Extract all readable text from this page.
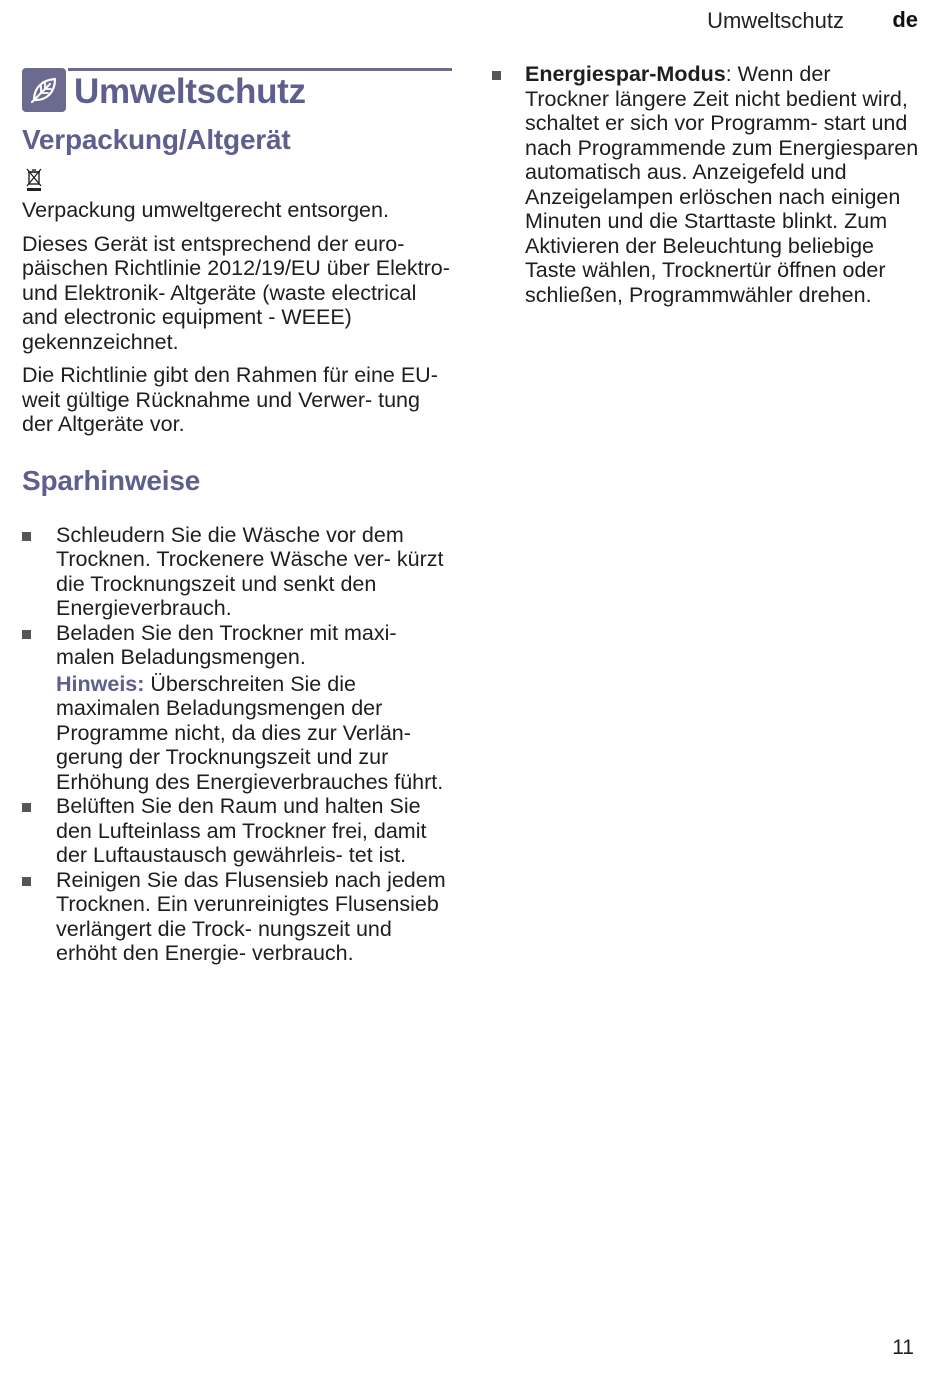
Umweltschutz de
Umweltschutz
Verpackung/Altgerät

Verpackung umweltgerecht entsorgen.

Dieses Gerät ist entsprechend der euro- päischen Richtlinie 2012/19/EU über Elektro- und Elektronik- Altgeräte (waste electrical and electronic equipment - WEEE) gekennzeichnet.

Die Richtlinie gibt den Rahmen für eine EU-weit gültige Rücknahme und Verwer- tung der Altgeräte vor.

Sparhinweise
Schleudern Sie die Wäsche vor dem Trocknen. Trockenere Wäsche ver- kürzt die Trocknungszeit und senkt den Energieverbrauch.
Beladen Sie den Trockner mit maxi- malen Beladungsmengen.
Hinweis: Überschreiten Sie die maximalen Beladungsmengen der Programme nicht, da dies zur Verlän- gerung der Trocknungszeit und zur Erhöhung des Energieverbrauches führt.
Belüften Sie den Raum und halten Sie den Lufteinlass am Trockner frei, damit der Luftaustausch gewährleis- tet ist.
Reinigen Sie das Flusensieb nach jedem Trocknen. Ein verunreinigtes Flusensieb verlängert die Trock- nungszeit und erhöht den Energie- verbrauch.
Energiespar-Modus: Wenn der Trockner längere Zeit nicht bedient wird, schaltet er sich vor Programm- start und nach Programmende zum Energiesparen automatisch aus. Anzeigefeld und Anzeigelampen erlöschen nach einigen Minuten und die Starttaste blinkt. Zum Aktivieren der Beleuchtung beliebige Taste wählen, Trocknertür öffnen oder schließen, Programmwähler drehen.
11
